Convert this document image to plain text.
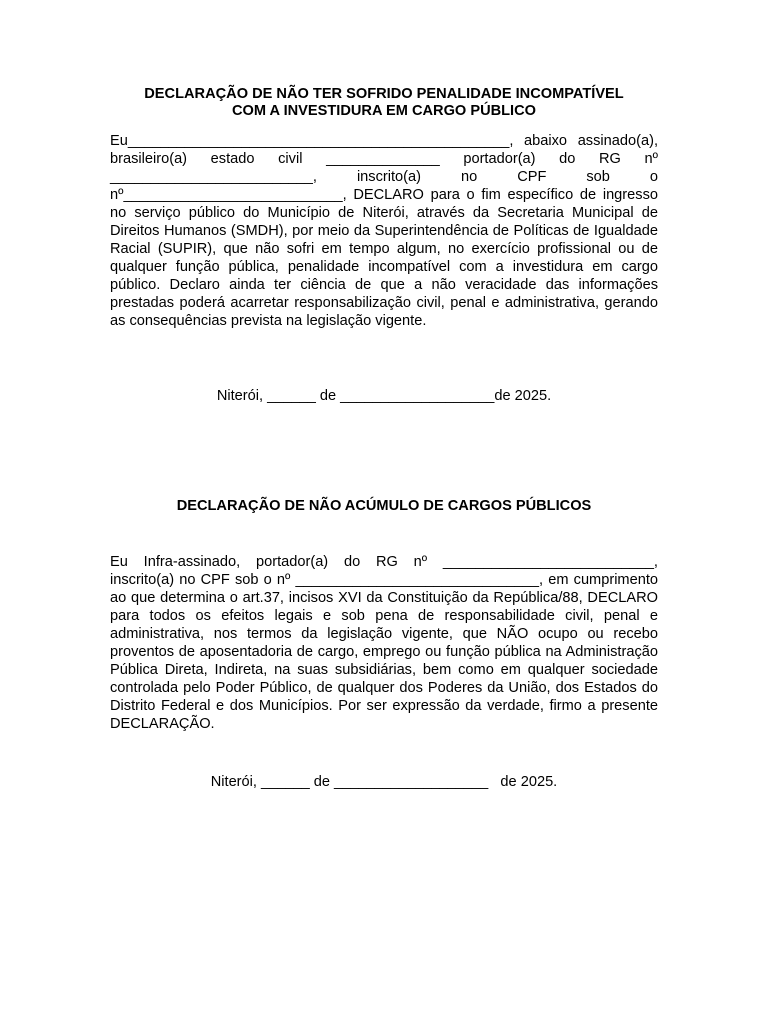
DECLARAÇÃO DE NÃO TER SOFRIDO PENALIDADE INCOMPATÍVEL
COM A INVESTIDURA EM CARGO PÚBLICO

Eu_______________________________________________, abaixo assinado(a), brasileiro(a) estado civil ______________ portador(a) do RG nº _________________________, inscrito(a) no CPF sob o nº___________________________, DECLARO para o fim específico de ingresso no serviço público do Município de Niterói, através da Secretaria Municipal de Direitos Humanos (SMDH), por meio da Superintendência de Políticas de Igualdade Racial (SUPIR), que não sofri em tempo algum, no exercício profissional ou de qualquer função pública, penalidade incompatível com a investidura em cargo público. Declaro ainda ter ciência de que a não veracidade das informações prestadas poderá acarretar responsabilização civil, penal e administrativa, gerando as consequências prevista na legislação vigente.

Niterói, ______ de ___________________de 2025.

DECLARAÇÃO DE NÃO ACÚMULO DE CARGOS PÚBLICOS

Eu Infra-assinado, portador(a) do RG nº __________________________, inscrito(a) no CPF sob o nº ______________________________, em cumprimento ao que determina o art.37, incisos XVI da Constituição da República/88, DECLARO para todos os efeitos legais e sob pena de responsabilidade civil, penal e administrativa, nos termos da legislação vigente, que NÃO ocupo ou recebo proventos de aposentadoria de cargo, emprego ou função pública na Administração Pública Direta, Indireta, na suas subsidiárias, bem como em qualquer sociedade controlada pelo Poder Público, de qualquer dos Poderes da União, dos Estados do Distrito Federal e dos Municípios. Por ser expressão da verdade, firmo a presente DECLARAÇÃO.

Niterói, ______ de ___________________   de 2025.
